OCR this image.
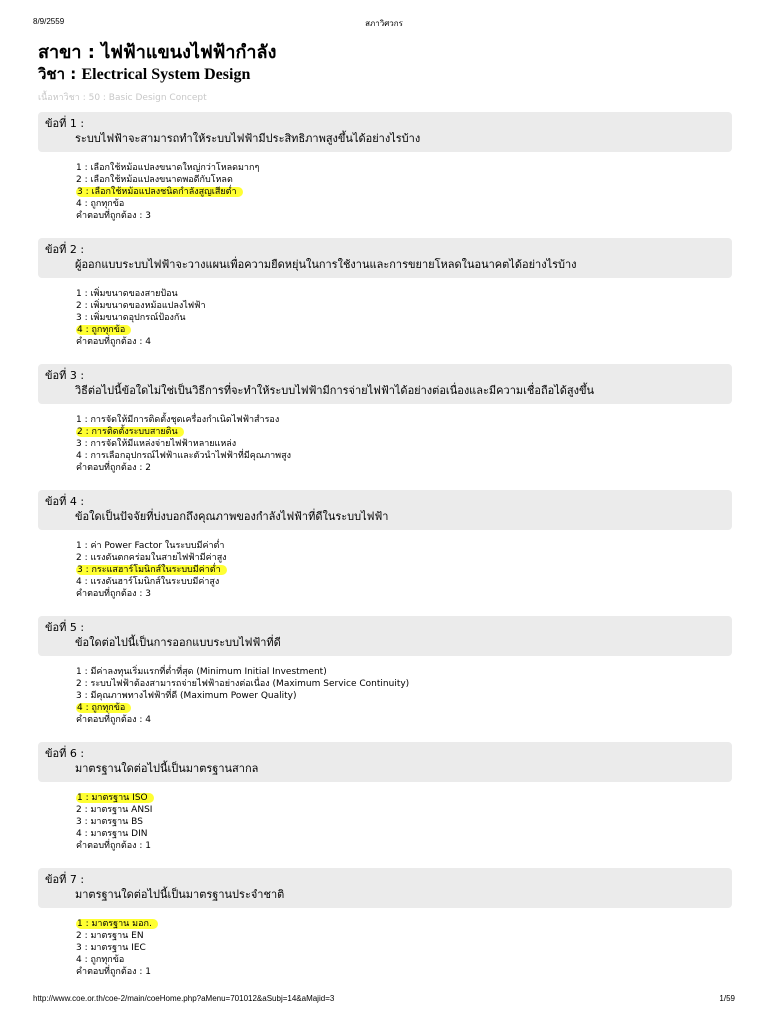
8/9/2559	สภาวิศวกร
สาขา : ไฟฟ้าแขนงไฟฟ้ากำลัง
วิชา : Electrical System Design
เนื้อหาวิชา : 50 : Basic Design Concept
ข้อที่ 1 :
ระบบไฟฟ้าจะสามารถทำให้ระบบไฟฟ้ามีประสิทธิภาพสูงขึ้นได้อย่างไรบ้าง
1 : เลือกใช้หม้อแปลงขนาดใหญ่กว่าโหลดมากๆ
2 : เลือกใช้หม้อแปลงขนาดพอดีกับโหลด
3 : เลือกใช้หม้อแปลงชนิดกำลังสูญเสียต่ำ
4 : ถูกทุกข้อ
คำตอบที่ถูกต้อง : 3
ข้อที่ 2 :
ผู้ออกแบบระบบไฟฟ้าจะวางแผนเพื่อความยืดหยุ่นในการใช้งานและการขยายโหลดในอนาคตได้อย่างไรบ้าง
1 : เพิ่มขนาดของสายป้อน
2 : เพิ่มขนาดของหม้อแปลงไฟฟ้า
3 : เพิ่มขนาดอุปกรณ์ป้องกัน
4 : ถูกทุกข้อ
คำตอบที่ถูกต้อง : 4
ข้อที่ 3 :
วิธีต่อไปนี้ข้อใดไม่ใช่เป็นวิธีการที่จะทำให้ระบบไฟฟ้ามีการจ่ายไฟฟ้าได้อย่างต่อเนื่องและมีความเชื่อถือได้สูงขึ้น
1 : การจัดให้มีการติดตั้งชุดเครื่องกำเนิดไฟฟ้าสำรอง
2 : การติดตั้งระบบสายดิน
3 : การจัดให้มีแหล่งจ่ายไฟฟ้าหลายแหล่ง
4 : การเลือกอุปกรณ์ไฟฟ้าและตัวนำไฟฟ้าที่มีคุณภาพสูง
คำตอบที่ถูกต้อง : 2
ข้อที่ 4 :
ข้อใดเป็นปัจจัยที่บ่งบอกถึงคุณภาพของกำลังไฟฟ้าที่ดีในระบบไฟฟ้า
1 : ค่า Power Factor ในระบบมีค่าต่ำ
2 : แรงดันตกคร่อมในสายไฟฟ้ามีค่าสูง
3 : กระแสฮาร์โมนิกส์ในระบบมีค่าต่ำ
4 : แรงดันฮาร์โมนิกส์ในระบบมีค่าสูง
คำตอบที่ถูกต้อง : 3
ข้อที่ 5 :
ข้อใดต่อไปนี้เป็นการออกแบบระบบไฟฟ้าที่ดี
1 : มีค่าลงทุนเริ่มแรกที่ต่ำที่สุด (Minimum Initial Investment)
2 : ระบบไฟฟ้าต้องสามารถจ่ายไฟฟ้าอย่างต่อเนื่อง (Maximum Service Continuity)
3 : มีคุณภาพทางไฟฟ้าที่ดี (Maximum Power Quality)
4 : ถูกทุกข้อ
คำตอบที่ถูกต้อง : 4
ข้อที่ 6 :
มาตรฐานใดต่อไปนี้เป็นมาตรฐานสากล
1 : มาตรฐาน ISO
2 : มาตรฐาน ANSI
3 : มาตรฐาน BS
4 : มาตรฐาน DIN
คำตอบที่ถูกต้อง : 1
ข้อที่ 7 :
มาตรฐานใดต่อไปนี้เป็นมาตรฐานประจำชาติ
1 : มาตรฐาน มอก.
2 : มาตรฐาน EN
3 : มาตรฐาน IEC
4 : ถูกทุกข้อ
คำตอบที่ถูกต้อง : 1
http://www.coe.or.th/coe-2/main/coeHome.php?aMenu=701012&aSubj=14&aMajid=3	1/59
